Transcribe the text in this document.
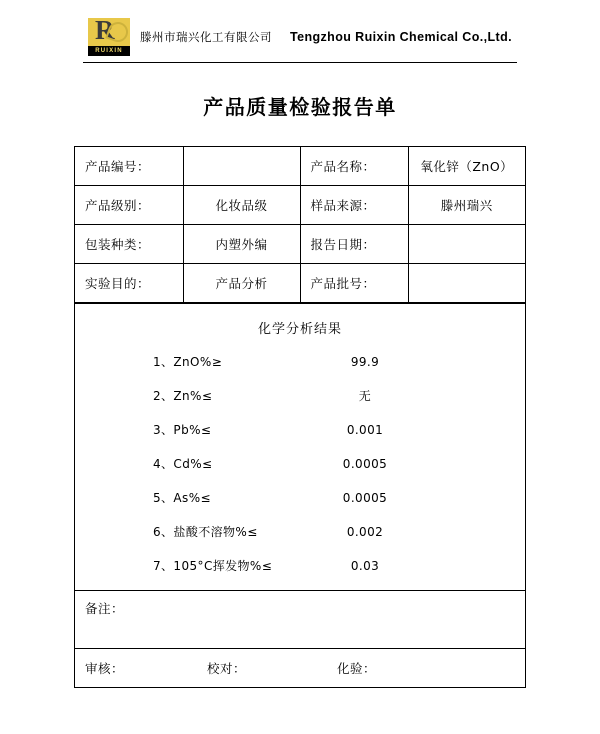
R
RUIXIN
滕州市瑞兴化工有限公司 Tengzhou Ruixin Chemical Co.,Ltd.
产品质量检验报告单
产品编号：		产品名称：	氧化锌（ZnO）
产品级别：	化妆品级	样品来源：	滕州瑞兴
包装种类：	内塑外编	报告日期：	
实验目的：	产品分析	产品批号：	
化学分析结果
1、ZnO%≥	99.9
2、Zn%≤	无
3、Pb%≤	0.001
4、Cd%≤	0.0005
5、As%≤	0.0005
6、盐酸不溶物%≤	0.002
7、105°C挥发物%≤	0.03
备注：
审核：	校对：	化验：
